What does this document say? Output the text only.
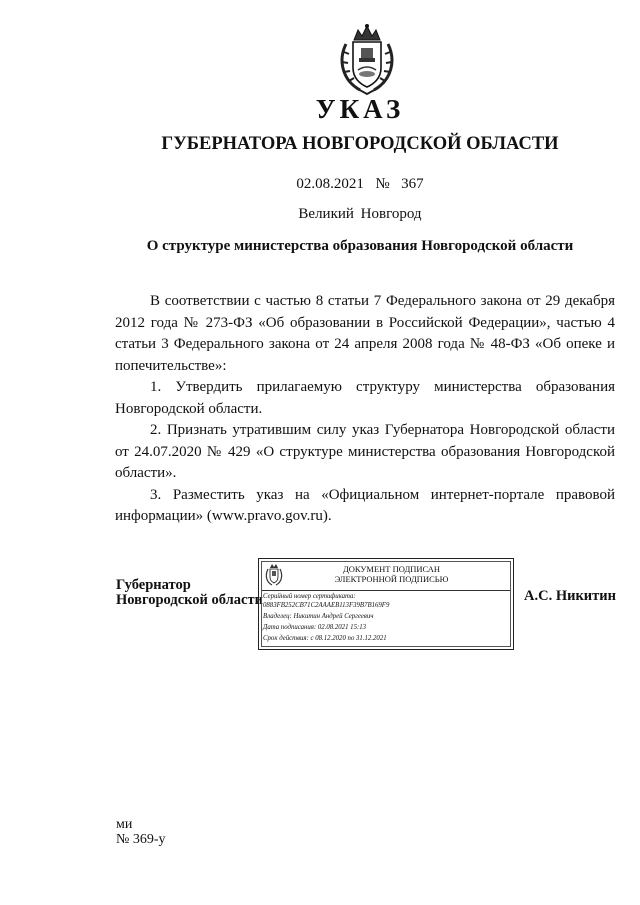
УКАЗ
ГУБЕРНАТОРА НОВГОРОДСКОЙ ОБЛАСТИ
02.08.2021 № 367
Великий Новгород
О структуре министерства образования Новгородской области

В соответствии с частью 8 статьи 7 Федерального закона от 29 декабря 2012 года № 273-ФЗ «Об образовании в Российской Федерации», частью 4 статьи 3 Федерального закона от 24 апреля 2008 года № 48-ФЗ «Об опеке и попечительстве»:

1. Утвердить прилагаемую структуру министерства образования Новгородской области.

2. Признать утратившим силу указ Губернатора Новгородской области от 24.07.2020 № 429 «О структуре министерства образования Новгородской области».

3. Разместить указ на «Официальном интернет-портале правовой информации» (www.pravo.gov.ru).

Губернатор
Новгородской области
ДОКУМЕНТ ПОДПИСАН
ЭЛЕКТРОННОЙ ПОДПИСЬЮ
Серийный номер сертификата:
0883FB252CB71C2AAAEB113F39B7B169F9
Владелец: Никитин Андрей Сергеевич
Дата подписания: 02.08.2021 15:13
Срок действия: с 08.12.2020 по 31.12.2021
А.С. Никитин
ми
№ 369-у
